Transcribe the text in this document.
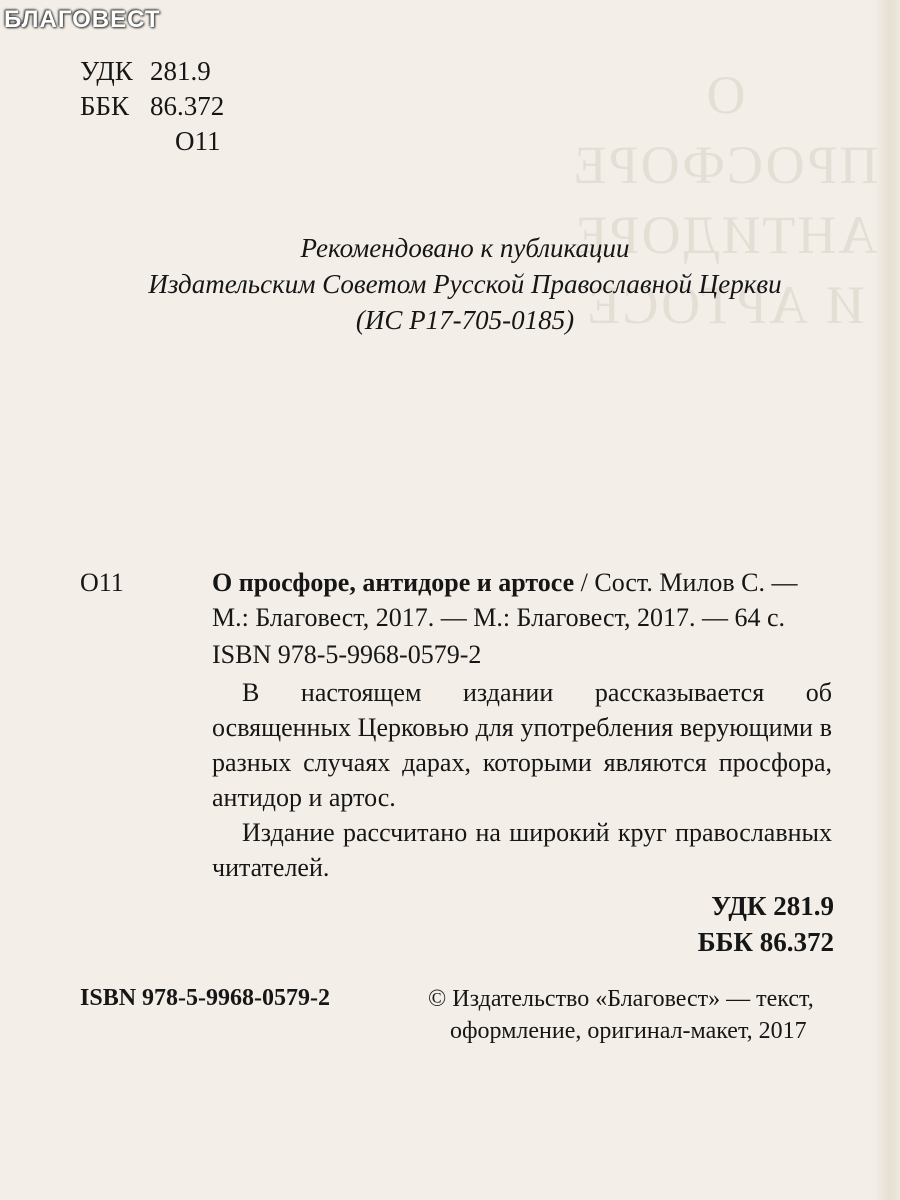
О ПРОСФОРЕ
АНТИДОРЕ
И АРТОСЕ
БЛАГОВЕСТ
УДК 281.9
ББК 86.372
О11
Рекомендовано к публикации
Издательским Советом Русской Православной Церкви
(ИС Р17-705-0185)
О11	О просфоре, антидоре и артосе / Сост. Милов С. —
М.: Благовест, 2017. — М.: Благовест, 2017. — 64 с.
ISBN 978-5-9968-0579-2
В настоящем издании рассказывается об освященных Церковью для употребления верующими в разных случаях дарах, которыми являются просфора, антидор и артос.
Издание рассчитано на широкий круг православных читателей.
УДК 281.9
ББК 86.372
ISBN 978-5-9968-0579-2	© Издательство «Благовест» — текст,
оформление, оригинал-макет, 2017
